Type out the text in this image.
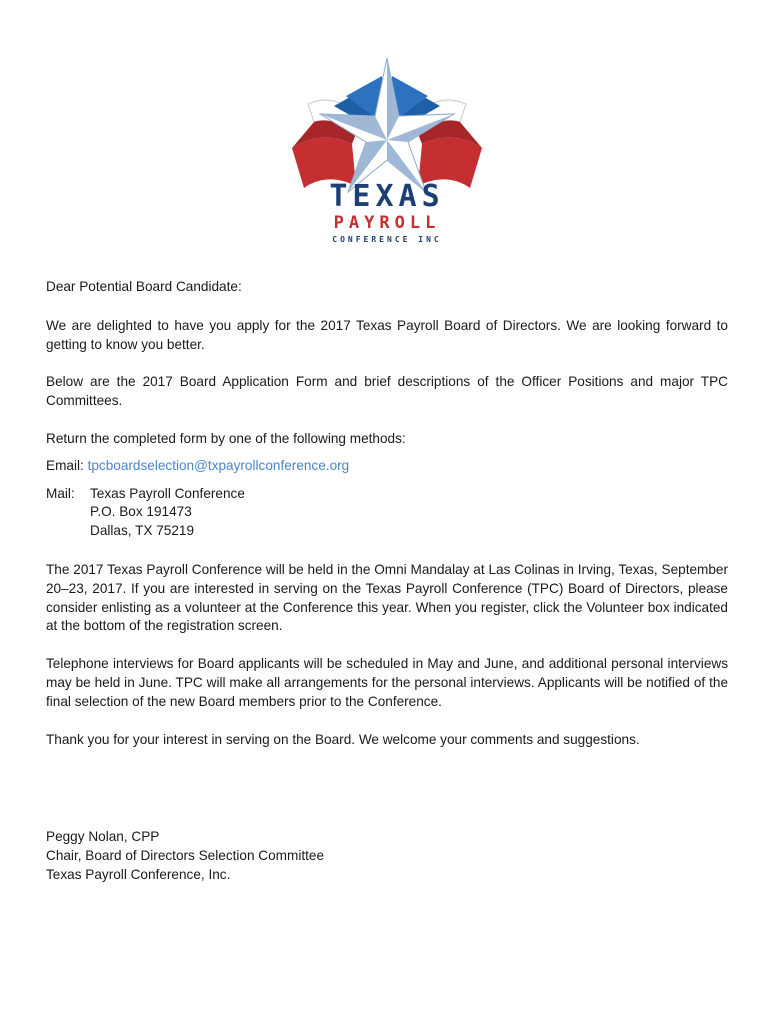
TEXAS
PAYROLL
CONFERENCE INC

Dear Potential Board Candidate:

We are delighted to have you apply for the 2017 Texas Payroll Board of Directors. We are looking forward to getting to know you better.

Below are the 2017 Board Application Form and brief descriptions of the Officer Positions and major TPC Committees.

Return the completed form by one of the following methods:

Email: tpcboardselection@txpayrollconference.org

Mail:	Texas Payroll Conference

P.O. Box 191473

Dallas, TX 75219

The 2017 Texas Payroll Conference will be held in the Omni Mandalay at Las Colinas in Irving, Texas, September 20–23, 2017. If you are interested in serving on the Texas Payroll Conference (TPC) Board of Directors, please consider enlisting as a volunteer at the Conference this year. When you register, click the Volunteer box indicated at the bottom of the registration screen.

Telephone interviews for Board applicants will be scheduled in May and June, and additional personal interviews may be held in June. TPC will make all arrangements for the personal interviews. Applicants will be notified of the final selection of the new Board members prior to the Conference.

Thank you for your interest in serving on the Board. We welcome your comments and suggestions.

Peggy Nolan, CPP

Chair, Board of Directors Selection Committee

Texas Payroll Conference, Inc.
